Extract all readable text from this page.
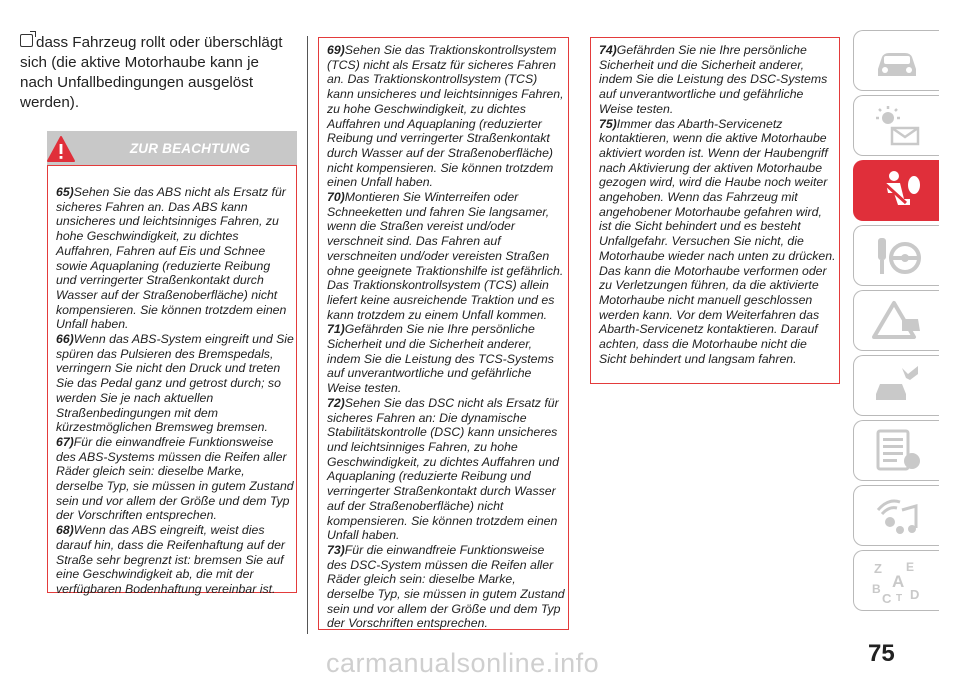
dass Fahrzeug rollt oder überschlägt sich (die aktive Motorhaube kann je nach Unfallbedingungen ausgelöst werden).
ZUR BEACHTUNG

65)Sehen Sie das ABS nicht als Ersatz für sicheres Fahren an. Das ABS kann unsicheres und leichtsinniges Fahren, zu hohe Geschwindigkeit, zu dichtes Auffahren, Fahren auf Eis und Schnee sowie Aquaplaning (reduzierte Reibung und verringerter Straßenkontakt durch Wasser auf der Straßenoberfläche) nicht kompensieren. Sie können trotzdem einen Unfall haben.

66)Wenn das ABS-System eingreift und Sie spüren das Pulsieren des Bremspedals, verringern Sie nicht den Druck und treten Sie das Pedal ganz und getrost durch; so werden Sie je nach aktuellen Straßenbedingungen mit dem kürzestmöglichen Bremsweg bremsen.

67)Für die einwandfreie Funktionsweise des ABS-Systems müssen die Reifen aller Räder gleich sein: dieselbe Marke, derselbe Typ, sie müssen in gutem Zustand sein und vor allem der Größe und dem Typ der Vorschriften entsprechen.

68)Wenn das ABS eingreift, weist dies darauf hin, dass die Reifenhaftung auf der Straße sehr begrenzt ist: bremsen Sie auf eine Geschwindigkeit ab, die mit der verfügbaren Bodenhaftung vereinbar ist.

69)Sehen Sie das Traktionskontrollsystem (TCS) nicht als Ersatz für sicheres Fahren an. Das Traktionskontrollsystem (TCS) kann unsicheres und leichtsinniges Fahren, zu hohe Geschwindigkeit, zu dichtes Auffahren und Aquaplaning (reduzierter Reibung und verringerter Straßenkontakt durch Wasser auf der Straßenoberfläche) nicht kompensieren. Sie können trotzdem einen Unfall haben.

70)Montieren Sie Winterreifen oder Schneeketten und fahren Sie langsamer, wenn die Straßen vereist und/oder verschneit sind. Das Fahren auf verschneiten und/oder vereisten Straßen ohne geeignete Traktionshilfe ist gefährlich. Das Traktionskontrollsystem (TCS) allein liefert keine ausreichende Traktion und es kann trotzdem zu einem Unfall kommen.

71)Gefährden Sie nie Ihre persönliche Sicherheit und die Sicherheit anderer, indem Sie die Leistung des TCS-Systems auf unverantwortliche und gefährliche Weise testen.

72)Sehen Sie das DSC nicht als Ersatz für sicheres Fahren an: Die dynamische Stabilitätskontrolle (DSC) kann unsicheres und leichtsinniges Fahren, zu hohe Geschwindigkeit, zu dichtes Auffahren und Aquaplaning (reduzierte Reibung und verringerter Straßenkontakt durch Wasser auf der Straßenoberfläche) nicht kompensieren. Sie können trotzdem einen Unfall haben.

73)Für die einwandfreie Funktionsweise des DSC-System müssen die Reifen aller Räder gleich sein: dieselbe Marke, derselbe Typ, sie müssen in gutem Zustand sein und vor allem der Größe und dem Typ der Vorschriften entsprechen.

74)Gefährden Sie nie Ihre persönliche Sicherheit und die Sicherheit anderer, indem Sie die Leistung des DSC-Systems auf unverantwortliche und gefährliche Weise testen.

75)Immer das Abarth-Servicenetz kontaktieren, wenn die aktive Motorhaube aktiviert worden ist. Wenn der Haubengriff nach Aktivierung der aktiven Motorhaube gezogen wird, wird die Haube noch weiter angehoben. Wenn das Fahrzeug mit angehobener Motorhaube gefahren wird, ist die Sicht behindert und es besteht Unfallgefahr. Versuchen Sie nicht, die Motorhaube wieder nach unten zu drücken. Das kann die Motorhaube verformen oder zu Verletzungen führen, da die aktivierte Motorhaube nicht manuell geschlossen werden kann. Vor dem Weiterfahren das Abarth-Servicenetz kontaktieren. Darauf achten, dass die Motorhaube nicht die Sicht behindert und langsam fahren.

Z E
A
B
C T D
75
carmanualsonline.info
